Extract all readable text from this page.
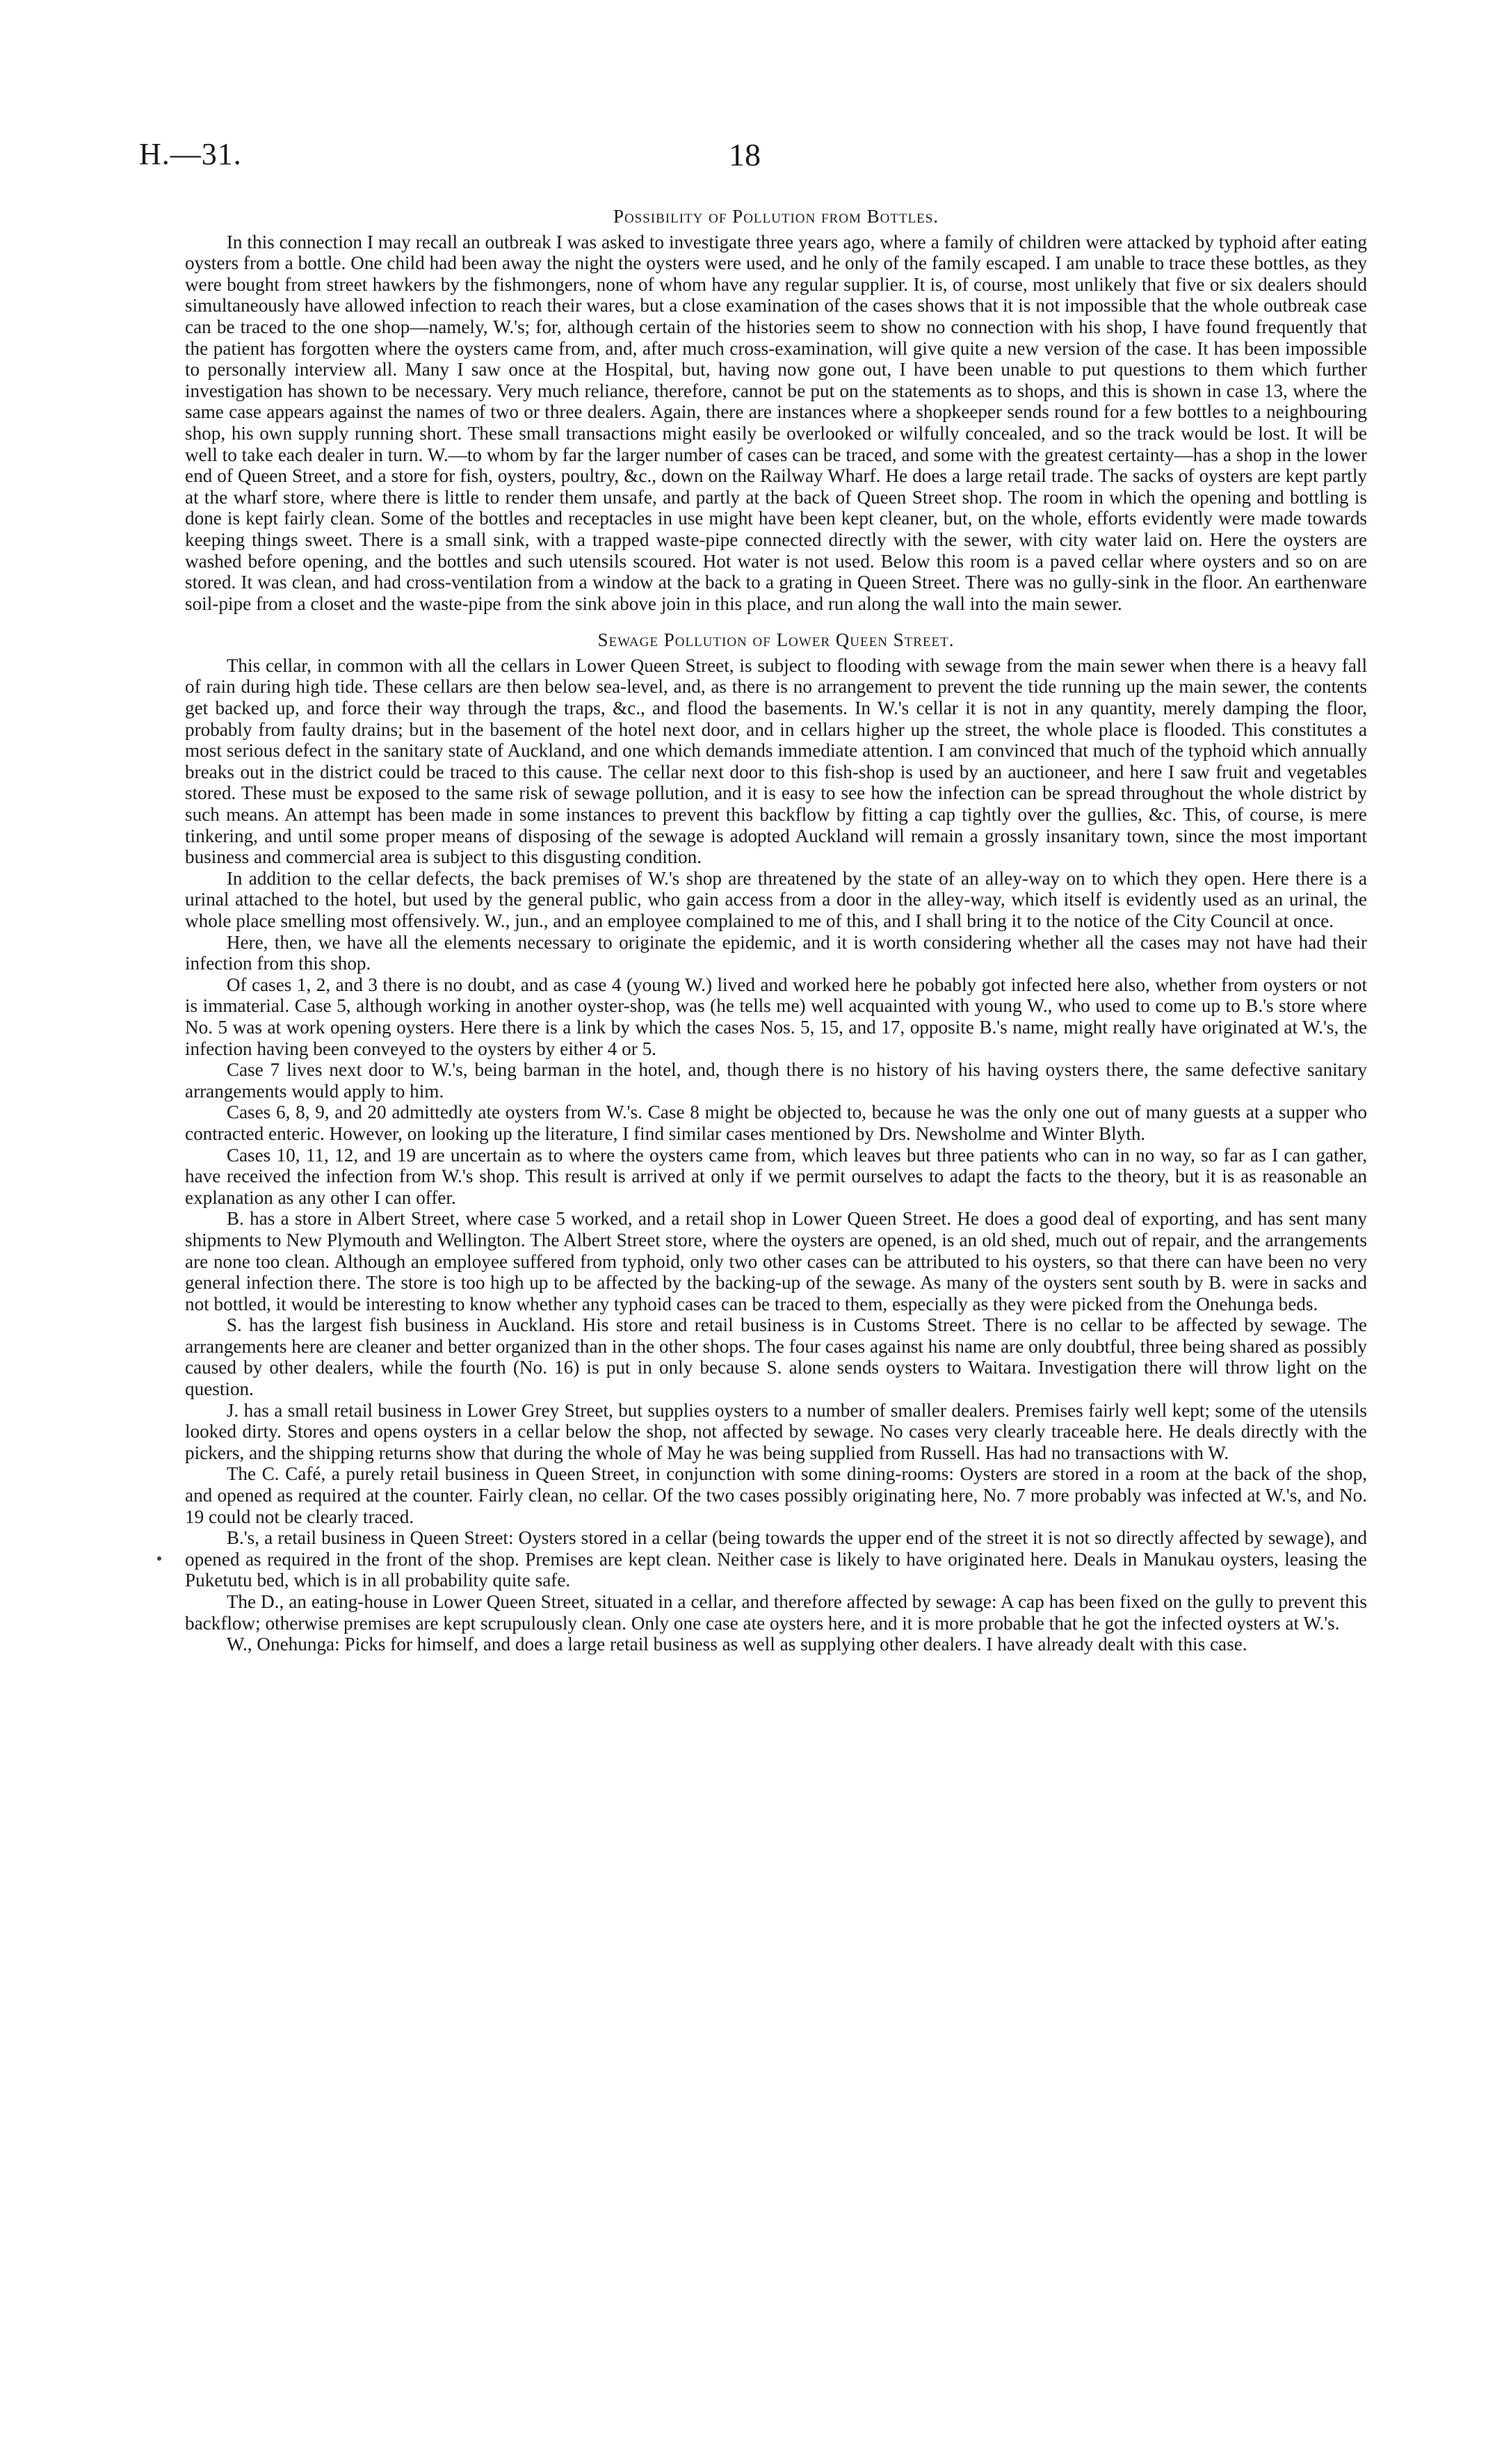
H.—31.	18
Possibility of Pollution from Bottles.

In this connection I may recall an outbreak I was asked to investigate three years ago, where a family of children were attacked by typhoid after eating oysters from a bottle. One child had been away the night the oysters were used, and he only of the family escaped. I am unable to trace these bottles, as they were bought from street hawkers by the fishmongers, none of whom have any regular supplier. It is, of course, most unlikely that five or six dealers should simultaneously have allowed infection to reach their wares, but a close examination of the cases shows that it is not impossible that the whole outbreak case can be traced to the one shop—namely, W.'s; for, although certain of the histories seem to show no connection with his shop, I have found frequently that the patient has forgotten where the oysters came from, and, after much cross-examination, will give quite a new version of the case. It has been impossible to personally interview all. Many I saw once at the Hospital, but, having now gone out, I have been unable to put questions to them which further investigation has shown to be necessary. Very much reliance, therefore, cannot be put on the statements as to shops, and this is shown in case 13, where the same case appears against the names of two or three dealers. Again, there are instances where a shopkeeper sends round for a few bottles to a neighbouring shop, his own supply running short. These small transactions might easily be overlooked or wilfully concealed, and so the track would be lost. It will be well to take each dealer in turn. W.—to whom by far the larger number of cases can be traced, and some with the greatest certainty—has a shop in the lower end of Queen Street, and a store for fish, oysters, poultry, &c., down on the Railway Wharf. He does a large retail trade. The sacks of oysters are kept partly at the wharf store, where there is little to render them unsafe, and partly at the back of Queen Street shop. The room in which the opening and bottling is done is kept fairly clean. Some of the bottles and receptacles in use might have been kept cleaner, but, on the whole, efforts evidently were made towards keeping things sweet. There is a small sink, with a trapped waste-pipe connected directly with the sewer, with city water laid on. Here the oysters are washed before opening, and the bottles and such utensils scoured. Hot water is not used. Below this room is a paved cellar where oysters and so on are stored. It was clean, and had cross-ventilation from a window at the back to a grating in Queen Street. There was no gully-sink in the floor. An earthenware soil-pipe from a closet and the waste-pipe from the sink above join in this place, and run along the wall into the main sewer.

Sewage Pollution of Lower Queen Street.

This cellar, in common with all the cellars in Lower Queen Street, is subject to flooding with sewage from the main sewer when there is a heavy fall of rain during high tide. These cellars are then below sea-level, and, as there is no arrangement to prevent the tide running up the main sewer, the contents get backed up, and force their way through the traps, &c., and flood the basements. In W.'s cellar it is not in any quantity, merely damping the floor, probably from faulty drains; but in the basement of the hotel next door, and in cellars higher up the street, the whole place is flooded. This constitutes a most serious defect in the sanitary state of Auckland, and one which demands immediate attention. I am convinced that much of the typhoid which annually breaks out in the district could be traced to this cause. The cellar next door to this fish-shop is used by an auctioneer, and here I saw fruit and vegetables stored. These must be exposed to the same risk of sewage pollution, and it is easy to see how the infection can be spread throughout the whole district by such means. An attempt has been made in some instances to prevent this backflow by fitting a cap tightly over the gullies, &c. This, of course, is mere tinkering, and until some proper means of disposing of the sewage is adopted Auckland will remain a grossly insanitary town, since the most important business and commercial area is subject to this disgusting condition.

In addition to the cellar defects, the back premises of W.'s shop are threatened by the state of an alley-way on to which they open. Here there is a urinal attached to the hotel, but used by the general public, who gain access from a door in the alley-way, which itself is evidently used as an urinal, the whole place smelling most offensively. W., jun., and an employee complained to me of this, and I shall bring it to the notice of the City Council at once.

Here, then, we have all the elements necessary to originate the epidemic, and it is worth considering whether all the cases may not have had their infection from this shop.

Of cases 1, 2, and 3 there is no doubt, and as case 4 (young W.) lived and worked here he pobably got infected here also, whether from oysters or not is immaterial. Case 5, although working in another oyster-shop, was (he tells me) well acquainted with young W., who used to come up to B.'s store where No. 5 was at work opening oysters. Here there is a link by which the cases Nos. 5, 15, and 17, opposite B.'s name, might really have originated at W.'s, the infection having been conveyed to the oysters by either 4 or 5.

Case 7 lives next door to W.'s, being barman in the hotel, and, though there is no history of his having oysters there, the same defective sanitary arrangements would apply to him.

Cases 6, 8, 9, and 20 admittedly ate oysters from W.'s. Case 8 might be objected to, because he was the only one out of many guests at a supper who contracted enteric. However, on looking up the literature, I find similar cases mentioned by Drs. Newsholme and Winter Blyth.

Cases 10, 11, 12, and 19 are uncertain as to where the oysters came from, which leaves but three patients who can in no way, so far as I can gather, have received the infection from W.'s shop. This result is arrived at only if we permit ourselves to adapt the facts to the theory, but it is as reasonable an explanation as any other I can offer.

B. has a store in Albert Street, where case 5 worked, and a retail shop in Lower Queen Street. He does a good deal of exporting, and has sent many shipments to New Plymouth and Wellington. The Albert Street store, where the oysters are opened, is an old shed, much out of repair, and the arrangements are none too clean. Although an employee suffered from typhoid, only two other cases can be attributed to his oysters, so that there can have been no very general infection there. The store is too high up to be affected by the backing-up of the sewage. As many of the oysters sent south by B. were in sacks and not bottled, it would be interesting to know whether any typhoid cases can be traced to them, especially as they were picked from the Onehunga beds.

S. has the largest fish business in Auckland. His store and retail business is in Customs Street. There is no cellar to be affected by sewage. The arrangements here are cleaner and better organized than in the other shops. The four cases against his name are only doubtful, three being shared as possibly caused by other dealers, while the fourth (No. 16) is put in only because S. alone sends oysters to Waitara. Investigation there will throw light on the question.

J. has a small retail business in Lower Grey Street, but supplies oysters to a number of smaller dealers. Premises fairly well kept; some of the utensils looked dirty. Stores and opens oysters in a cellar below the shop, not affected by sewage. No cases very clearly traceable here. He deals directly with the pickers, and the shipping returns show that during the whole of May he was being supplied from Russell. Has had no transactions with W.

The C. Café, a purely retail business in Queen Street, in conjunction with some dining-rooms: Oysters are stored in a room at the back of the shop, and opened as required at the counter. Fairly clean, no cellar. Of the two cases possibly originating here, No. 7 more probably was infected at W.'s, and No. 19 could not be clearly traced.

B.'s, a retail business in Queen Street: Oysters stored in a cellar (being towards the upper end of the street it is not so directly affected by sewage), and opened as required in the front of the shop. Premises are kept clean. Neither case is likely to have originated here. Deals in Manukau oysters, leasing the Puketutu bed, which is in all probability quite safe.

The D., an eating-house in Lower Queen Street, situated in a cellar, and therefore affected by sewage: A cap has been fixed on the gully to prevent this backflow; otherwise premises are kept scrupulously clean. Only one case ate oysters here, and it is more probable that he got the infected oysters at W.'s.

W., Onehunga: Picks for himself, and does a large retail business as well as supplying other dealers. I have already dealt with this case.
